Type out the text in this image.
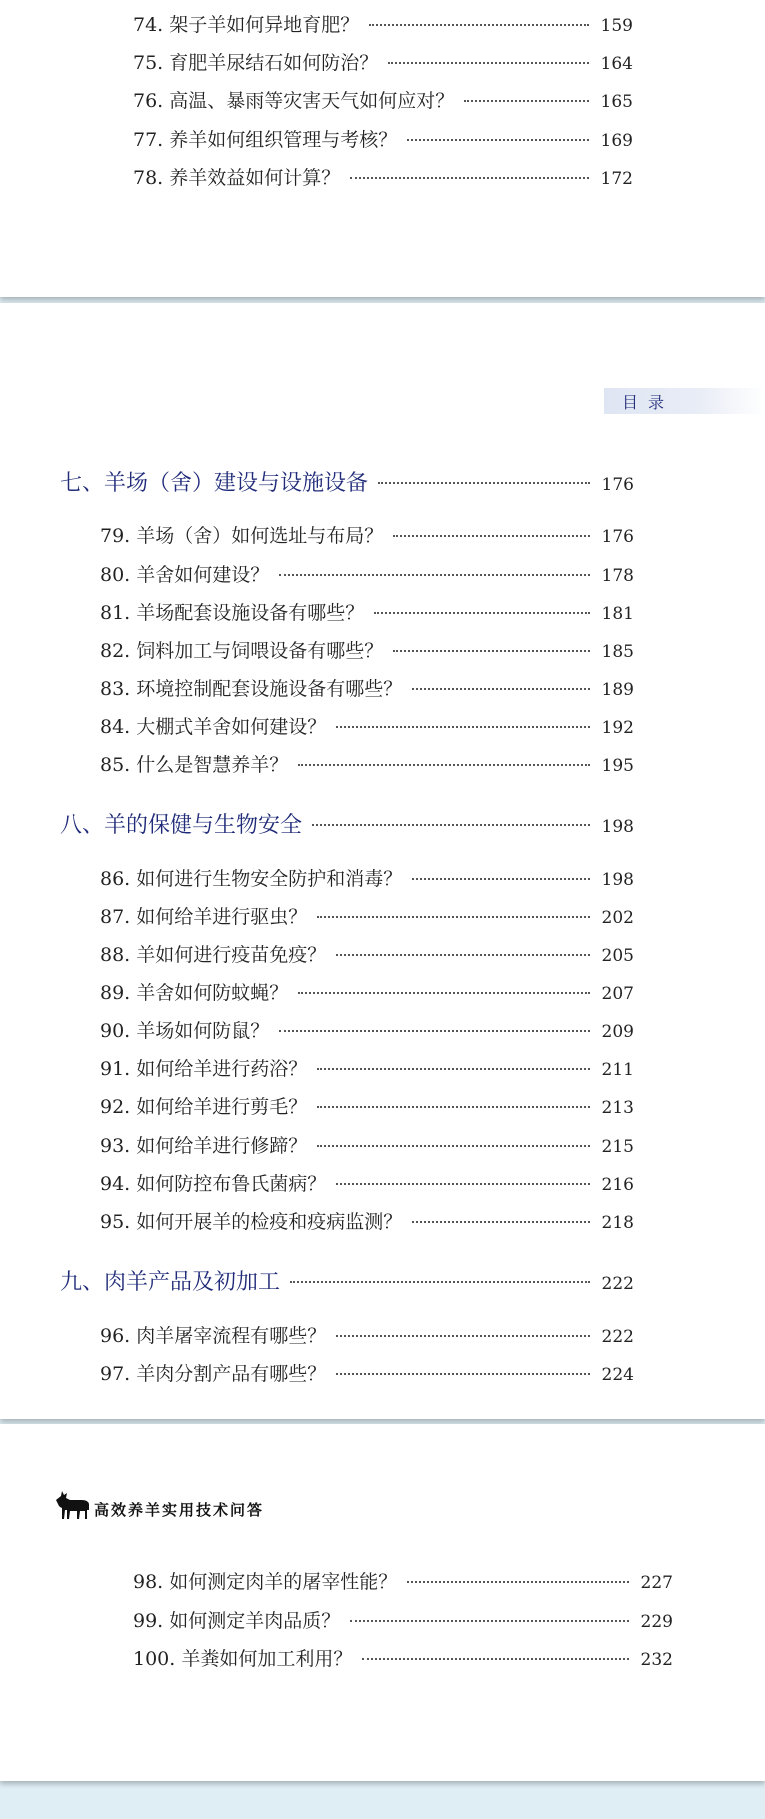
74. 架子羊如何异地育肥？	159
75. 育肥羊尿结石如何防治？	164
76. 高温、暴雨等灾害天气如何应对？	165
77. 养羊如何组织管理与考核？	169
78. 养羊效益如何计算？	172
目录
七、羊场（舍）建设与设施设备	176
79. 羊场（舍）如何选址与布局？	176
80. 羊舍如何建设？	178
81. 羊场配套设施设备有哪些？	181
82. 饲料加工与饲喂设备有哪些？	185
83. 环境控制配套设施设备有哪些？	189
84. 大棚式羊舍如何建设？	192
85. 什么是智慧养羊？	195
八、羊的保健与生物安全	198
86. 如何进行生物安全防护和消毒？	198
87. 如何给羊进行驱虫？	202
88. 羊如何进行疫苗免疫？	205
89. 羊舍如何防蚊蝇？	207
90. 羊场如何防鼠？	209
91. 如何给羊进行药浴？	211
92. 如何给羊进行剪毛？	213
93. 如何给羊进行修蹄？	215
94. 如何防控布鲁氏菌病？	216
95. 如何开展羊的检疫和疫病监测？	218
九、肉羊产品及初加工	222
96. 肉羊屠宰流程有哪些？	222
97. 羊肉分割产品有哪些？	224
高效养羊实用技术问答
98. 如何测定肉羊的屠宰性能？	227
99. 如何测定羊肉品质？	229
100. 羊粪如何加工利用？	232
